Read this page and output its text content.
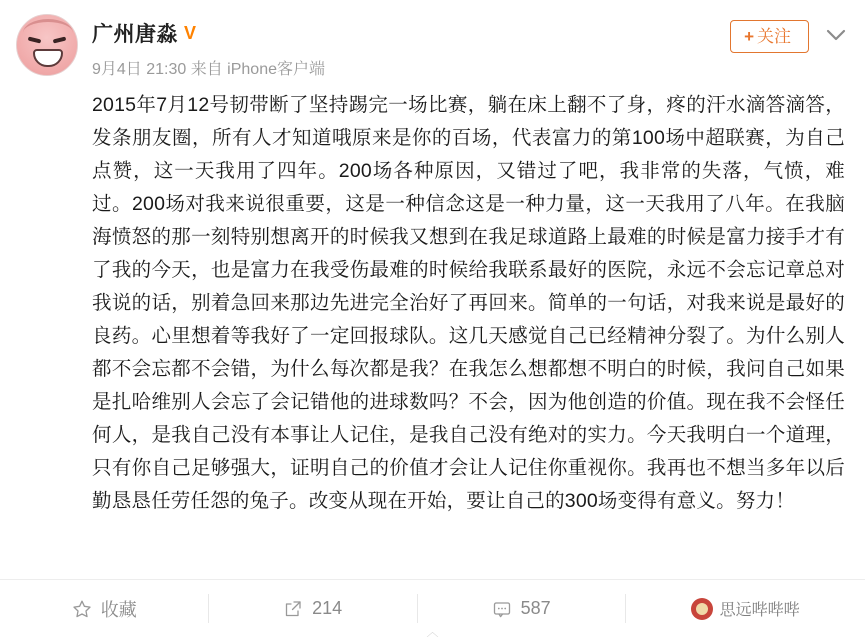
广州唐淼 V
9月4日 21:30 来自 iPhone客户端
+ 关注
2015年7月12号韧带断了坚持踢完一场比赛，躺在床上翻不了身，疼的汗水滴答滴答，发条朋友圈，所有人才知道哦原来是你的百场，代表富力的第100场中超联赛，为自己点赞，这一天我用了四年。200场各种原因，又错过了吧，我非常的失落，气愤，难过。200场对我来说很重要，这是一种信念这是一种力量，这一天我用了八年。在我脑海愤怒的那一刻特别想离开的时候我又想到在我足球道路上最难的时候是富力接手才有了我的今天，也是富力在我受伤最难的时候给我联系最好的医院，永远不会忘记章总对我说的话，别着急回来那边先进完全治好了再回来。简单的一句话，对我来说是最好的良药。心里想着等我好了一定回报球队。这几天感觉自己已经精神分裂了。为什么别人都不会忘都不会错，为什么每次都是我？在我怎么想都想不明白的时候，我问自己如果是扎哈维别人会忘了会记错他的进球数吗？不会，因为他创造的价值。现在我不会怪任何人，是我自己没有本事让人记住，是我自己没有绝对的实力。今天我明白一个道理，只有你自己足够强大，证明自己的价值才会让人记住你重视你。我再也不想当多年以后勤恳恳任劳任怨的兔子。改变从现在开始，要让自己的300场变得有意义。努力！
收藏	214	587	思远哔哔哔
︿
